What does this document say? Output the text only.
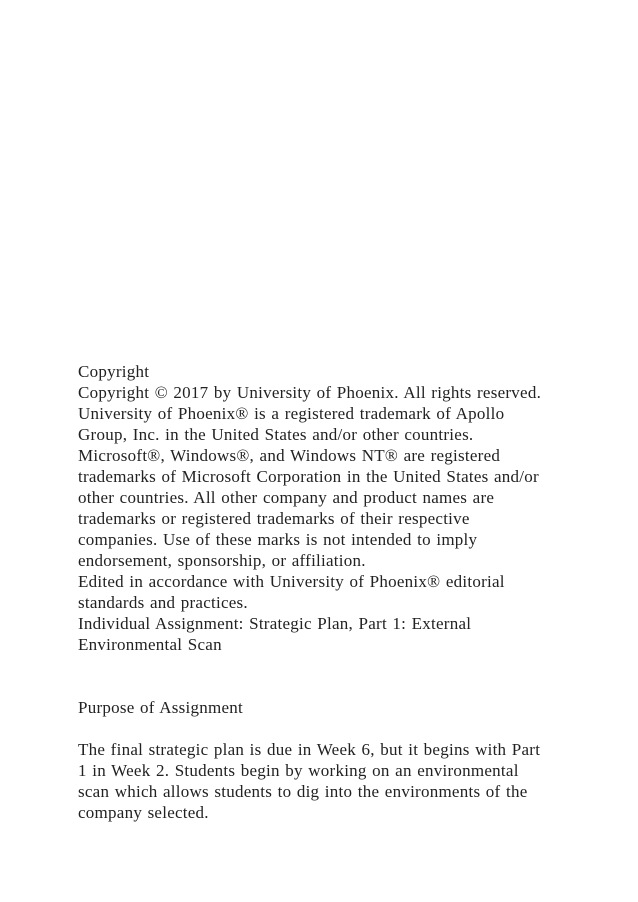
Copyright
Copyright © 2017 by University of Phoenix. All rights reserved.
University of Phoenix® is a registered trademark of Apollo
Group, Inc. in the United States and/or other countries.
Microsoft®, Windows®, and Windows NT® are registered
trademarks of Microsoft Corporation in the United States and/or
other countries. All other company and product names are
trademarks or registered trademarks of their respective
companies. Use of these marks is not intended to imply
endorsement, sponsorship, or affiliation.
Edited in accordance with University of Phoenix® editorial
standards and practices.
Individual Assignment: Strategic Plan, Part 1: External
Environmental Scan
Purpose of Assignment
The final strategic plan is due in Week 6, but it begins with Part
1 in Week 2. Students begin by working on an environmental
scan which allows students to dig into the environments of the
company selected.
